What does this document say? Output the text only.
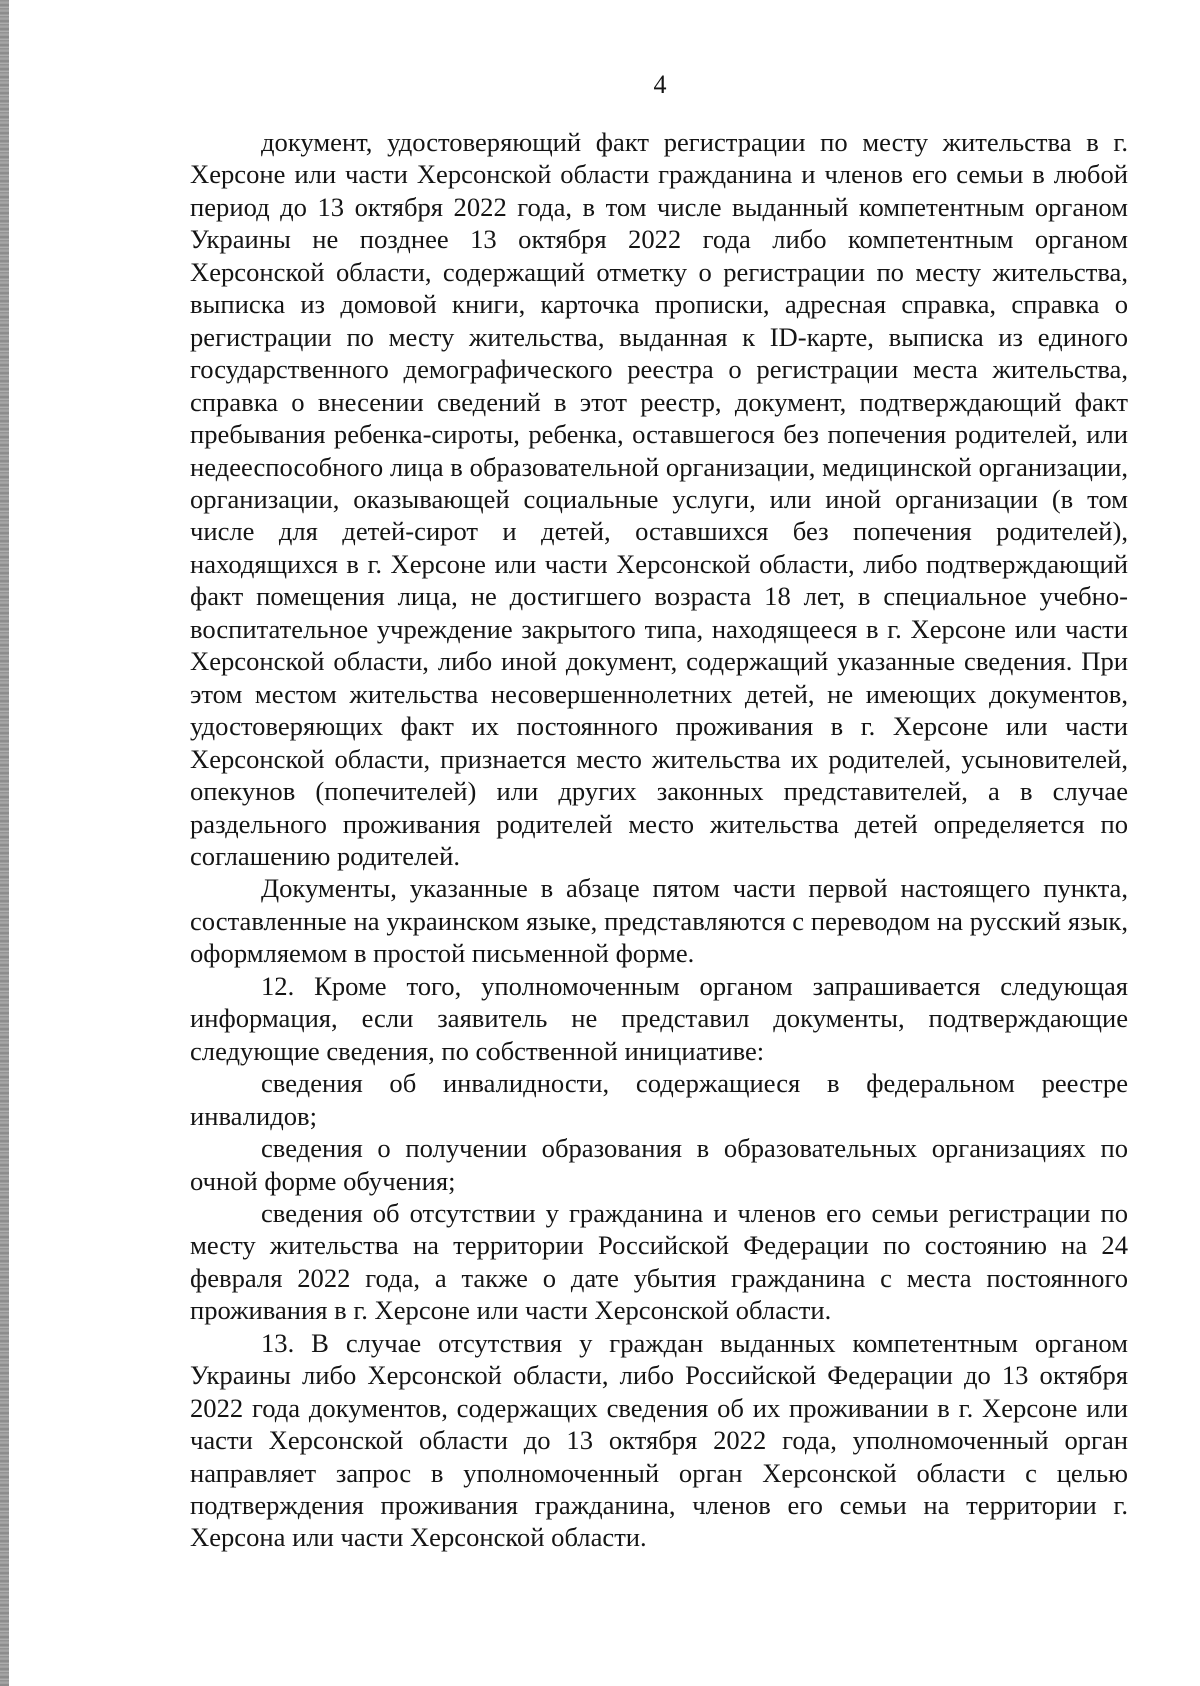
4

документ, удостоверяющий факт регистрации по месту жительства в г. Херсоне или части Херсонской области гражданина и членов его семьи в любой период до 13 октября 2022 года, в том числе выданный компетентным органом Украины не позднее 13 октября 2022 года либо компетентным органом Херсонской области, содержащий отметку о регистрации по месту жительства, выписка из домовой книги, карточка прописки, адресная справка, справка о регистрации по месту жительства, выданная к ID-карте, выписка из единого государственного демографического реестра о регистрации места жительства, справка о внесении сведений в этот реестр, документ, подтверждающий факт пребывания ребенка-сироты, ребенка, оставшегося без попечения родителей, или недееспособного лица в образовательной организации, медицинской организации, организации, оказывающей социальные услуги, или иной организации (в том числе для детей-сирот и детей, оставшихся без попечения родителей), находящихся в г. Херсоне или части Херсонской области, либо подтверждающий факт помещения лица, не достигшего возраста 18 лет, в специальное учебно-воспитательное учреждение закрытого типа, находящееся в г. Херсоне или части Херсонской области, либо иной документ, содержащий указанные сведения. При этом местом жительства несовершеннолетних детей, не имеющих документов, удостоверяющих факт их постоянного проживания в г. Херсоне или части Херсонской области, признается место жительства их родителей, усыновителей, опекунов (попечителей) или других законных представителей, а в случае раздельного проживания родителей место жительства детей определяется по соглашению родителей.

Документы, указанные в абзаце пятом части первой настоящего пункта, составленные на украинском языке, представляются с переводом на русский язык, оформляемом в простой письменной форме.

12. Кроме того, уполномоченным органом запрашивается следующая информация, если заявитель не представил документы, подтверждающие следующие сведения, по собственной инициативе:

сведения об инвалидности, содержащиеся в федеральном реестре инвалидов;

сведения о получении образования в образовательных организациях по очной форме обучения;

сведения об отсутствии у гражданина и членов его семьи регистрации по месту жительства на территории Российской Федерации по состоянию на 24 февраля 2022 года, а также о дате убытия гражданина с места постоянного проживания в г. Херсоне или части Херсонской области.

13. В случае отсутствия у граждан выданных компетентным органом Украины либо Херсонской области, либо Российской Федерации до 13 октября 2022 года документов, содержащих сведения об их проживании в г. Херсоне или части Херсонской области до 13 октября 2022 года, уполномоченный орган направляет запрос в уполномоченный орган Херсонской области с целью подтверждения проживания гражданина, членов его семьи на территории г. Херсона или части Херсонской области.
